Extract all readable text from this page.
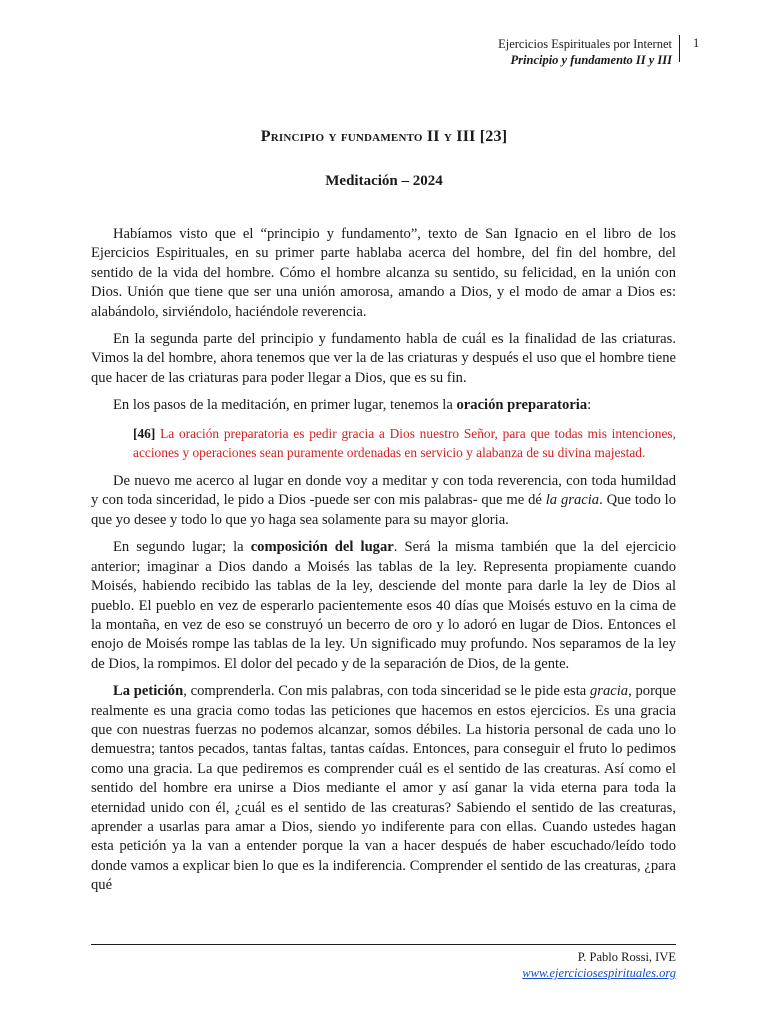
Ejercicios Espirituales por Internet
Principio y fundamento II y III
1
Principio y fundamento II y III [23]
Meditación – 2024

Habíamos visto que el “principio y fundamento”, texto de San Ignacio en el libro de los Ejercicios Espirituales, en su primer parte hablaba acerca del hombre, del fin del hombre, del sentido de la vida del hombre. Cómo el hombre alcanza su sentido, su felicidad, en la unión con Dios. Unión que tiene que ser una unión amorosa, amando a Dios, y el modo de amar a Dios es: alabándolo, sirviéndolo, haciéndole reverencia.

En la segunda parte del principio y fundamento habla de cuál es la finalidad de las criaturas. Vimos la del hombre, ahora tenemos que ver la de las criaturas y después el uso que el hombre tiene que hacer de las criaturas para poder llegar a Dios, que es su fin.

En los pasos de la meditación, en primer lugar, tenemos la oración preparatoria:

[46] La oración preparatoria es pedir gracia a Dios nuestro Señor, para que todas mis intenciones, acciones y operaciones sean puramente ordenadas en servicio y alabanza de su divina majestad.

De nuevo me acerco al lugar en donde voy a meditar y con toda reverencia, con toda humildad y con toda sinceridad, le pido a Dios -puede ser con mis palabras- que me dé la gracia. Que todo lo que yo desee y todo lo que yo haga sea solamente para su mayor gloria.

En segundo lugar; la composición del lugar. Será la misma también que la del ejercicio anterior; imaginar a Dios dando a Moisés las tablas de la ley. Representa propiamente cuando Moisés, habiendo recibido las tablas de la ley, desciende del monte para darle la ley de Dios al pueblo. El pueblo en vez de esperarlo pacientemente esos 40 días que Moisés estuvo en la cima de la montaña, en vez de eso se construyó un becerro de oro y lo adoró en lugar de Dios. Entonces el enojo de Moisés rompe las tablas de la ley. Un significado muy profundo. Nos separamos de la ley de Dios, la rompimos. El dolor del pecado y de la separación de Dios, de la gente.

La petición, comprenderla. Con mis palabras, con toda sinceridad se le pide esta gracia, porque realmente es una gracia como todas las peticiones que hacemos en estos ejercicios. Es una gracia que con nuestras fuerzas no podemos alcanzar, somos débiles. La historia personal de cada uno lo demuestra; tantos pecados, tantas faltas, tantas caídas. Entonces, para conseguir el fruto lo pedimos como una gracia. La que pediremos es comprender cuál es el sentido de las creaturas. Así como el sentido del hombre era unirse a Dios mediante el amor y así ganar la vida eterna para toda la eternidad unido con él, ¿cuál es el sentido de las creaturas? Sabiendo el sentido de las creaturas, aprender a usarlas para amar a Dios, siendo yo indiferente para con ellas. Cuando ustedes hagan esta petición ya la van a entender porque la van a hacer después de haber escuchado/leído todo donde vamos a explicar bien lo que es la indiferencia. Comprender el sentido de las creaturas, ¿para qué

P. Pablo Rossi, IVE
www.ejerciciosespirituales.org
